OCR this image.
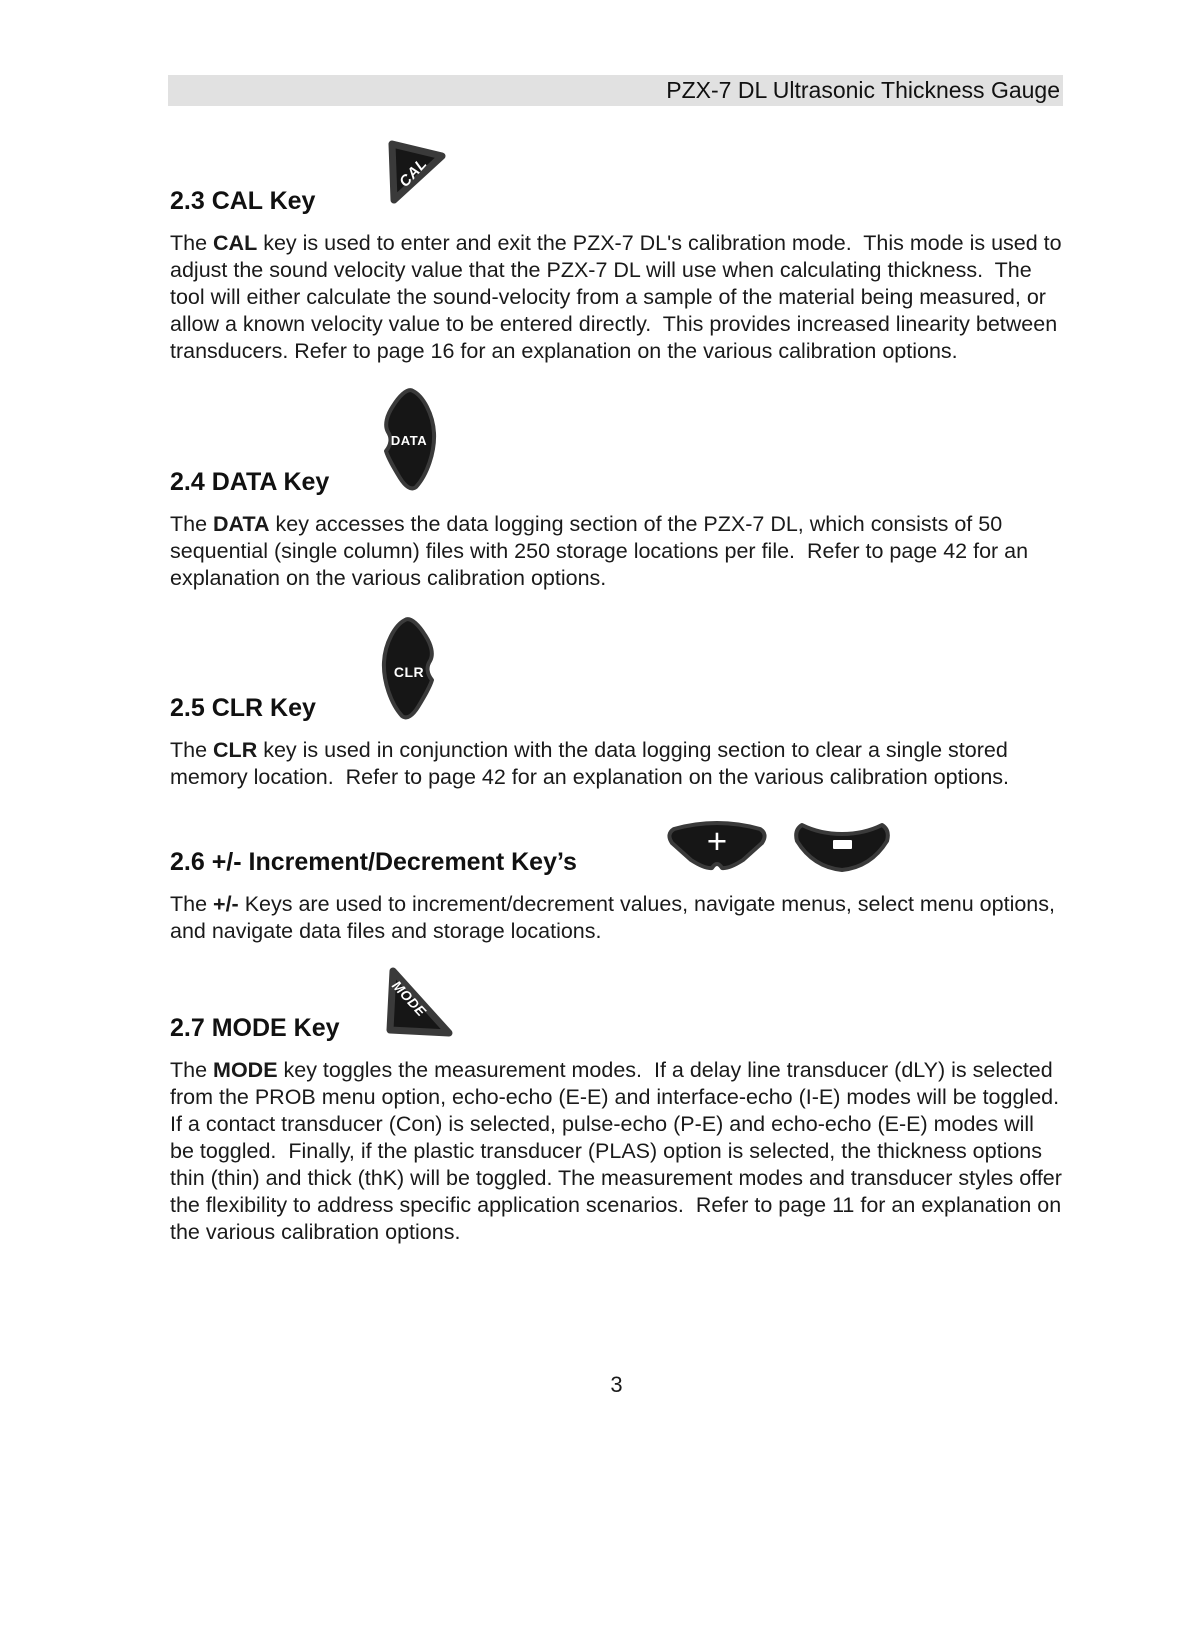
PZX-7 DL Ultrasonic Thickness Gauge
2.3 CAL Key
CAL

The CAL key is used to enter and exit the PZX-7 DL's calibration mode.  This mode is used to adjust the sound velocity value that the PZX-7 DL will use when calculating thickness.  The tool will either calculate the sound-velocity from a sample of the material being measured, or allow a known velocity value to be entered directly.  This provides increased linearity between transducers. Refer to page 16 for an explanation on the various calibration options.

2.4 DATA Key
DATA

The DATA key accesses the data logging section of the PZX-7 DL, which consists of 50 sequential (single column) files with 250 storage locations per file.  Refer to page 42 for an explanation on the various calibration options.

2.5 CLR Key
CLR

The CLR key is used in conjunction with the data logging section to clear a single stored memory location.  Refer to page 42 for an explanation on the various calibration options.

2.6 +/- Increment/Decrement Key’s
+

The +/- Keys are used to increment/decrement values, navigate menus, select menu options, and navigate data files and storage locations.

2.7 MODE Key
MODE

The MODE key toggles the measurement modes.  If a delay line transducer (dLY) is selected from the PROB menu option, echo-echo (E-E) and interface-echo (I-E) modes will be toggled.  If a contact transducer (Con) is selected, pulse-echo (P-E) and echo-echo (E-E) modes will be toggled.  Finally, if the plastic transducer (PLAS) option is selected, the thickness options thin (thin) and thick (thK) will be toggled. The measurement modes and transducer styles offer the flexibility to address specific application scenarios.  Refer to page 11 for an explanation on the various calibration options.

3
